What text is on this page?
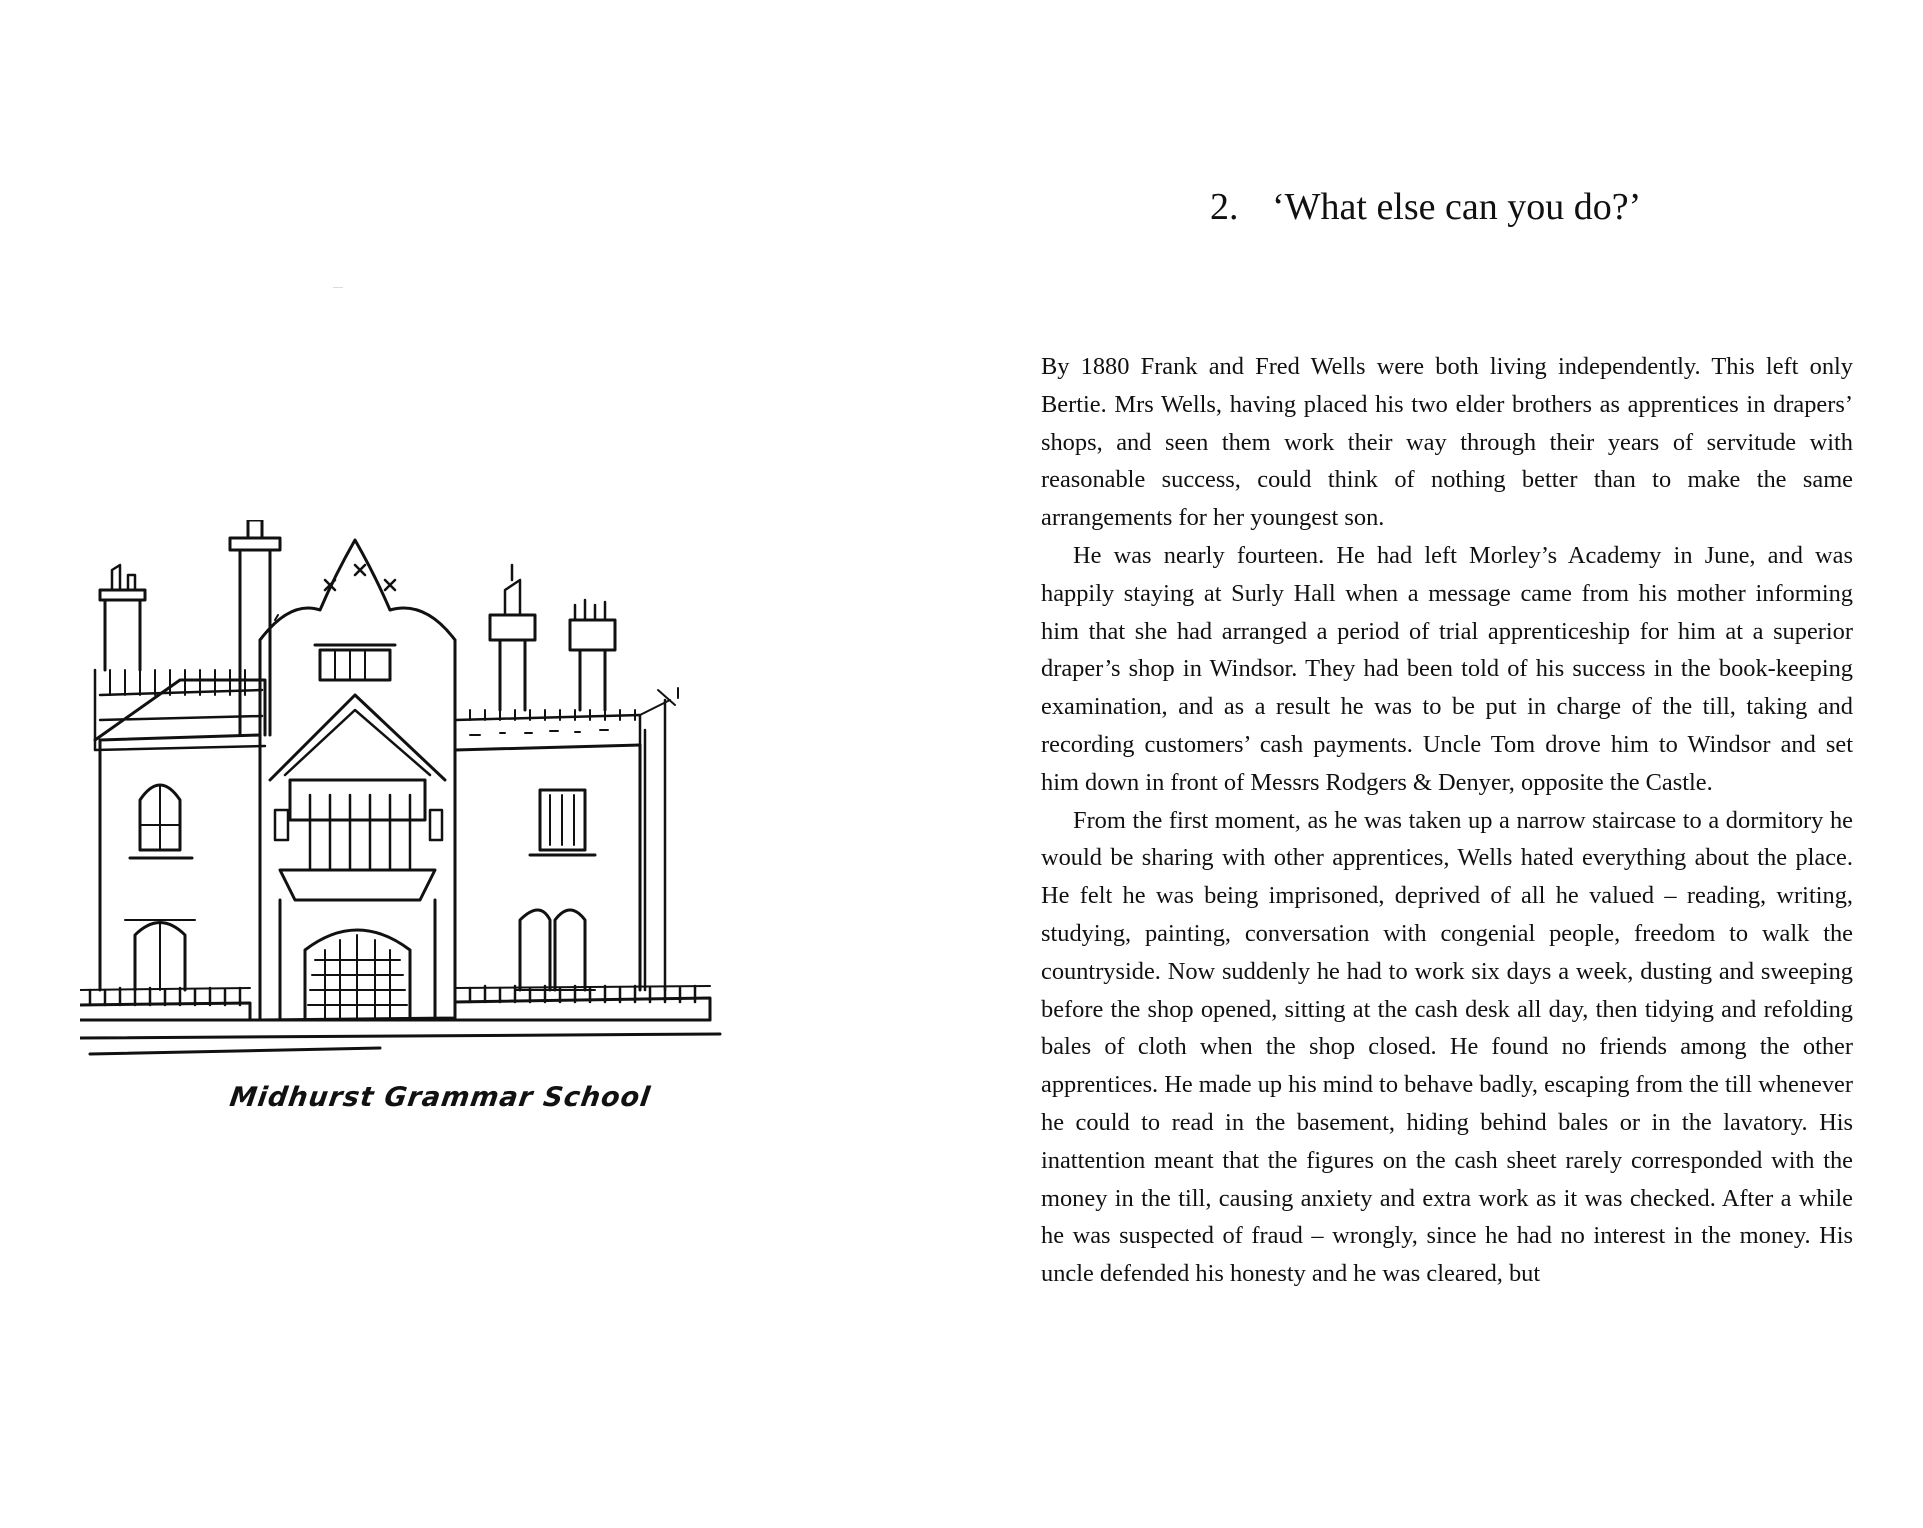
Midhurst Grammar School
2. ‘What else can you do?’

By 1880 Frank and Fred Wells were both living independently. This left only Bertie. Mrs Wells, having placed his two elder brothers as apprentices in drapers’ shops, and seen them work their way through their years of servitude with reasonable success, could think of nothing better than to make the same arrangements for her youngest son.

He was nearly fourteen. He had left Morley’s Academy in June, and was happily staying at Surly Hall when a message came from his mother informing him that she had arranged a period of trial apprenticeship for him at a superior draper’s shop in Windsor. They had been told of his success in the book-keeping examination, and as a result he was to be put in charge of the till, taking and recording customers’ cash payments. Uncle Tom drove him to Windsor and set him down in front of Messrs Rodgers & Denyer, opposite the Castle.

From the first moment, as he was taken up a narrow staircase to a dormitory he would be sharing with other apprentices, Wells hated everything about the place. He felt he was being imprisoned, deprived of all he valued – reading, writing, studying, painting, conversation with congenial people, freedom to walk the countryside. Now suddenly he had to work six days a week, dusting and sweeping before the shop opened, sitting at the cash desk all day, then tidying and refolding bales of cloth when the shop closed. He found no friends among the other apprentices. He made up his mind to behave badly, escaping from the till whenever he could to read in the basement, hiding behind bales or in the lavatory. His inattention meant that the figures on the cash sheet rarely corresponded with the money in the till, causing anxiety and extra work as it was checked. After a while he was suspected of fraud – wrongly, since he had no interest in the money. His uncle defended his honesty and he was cleared, but
